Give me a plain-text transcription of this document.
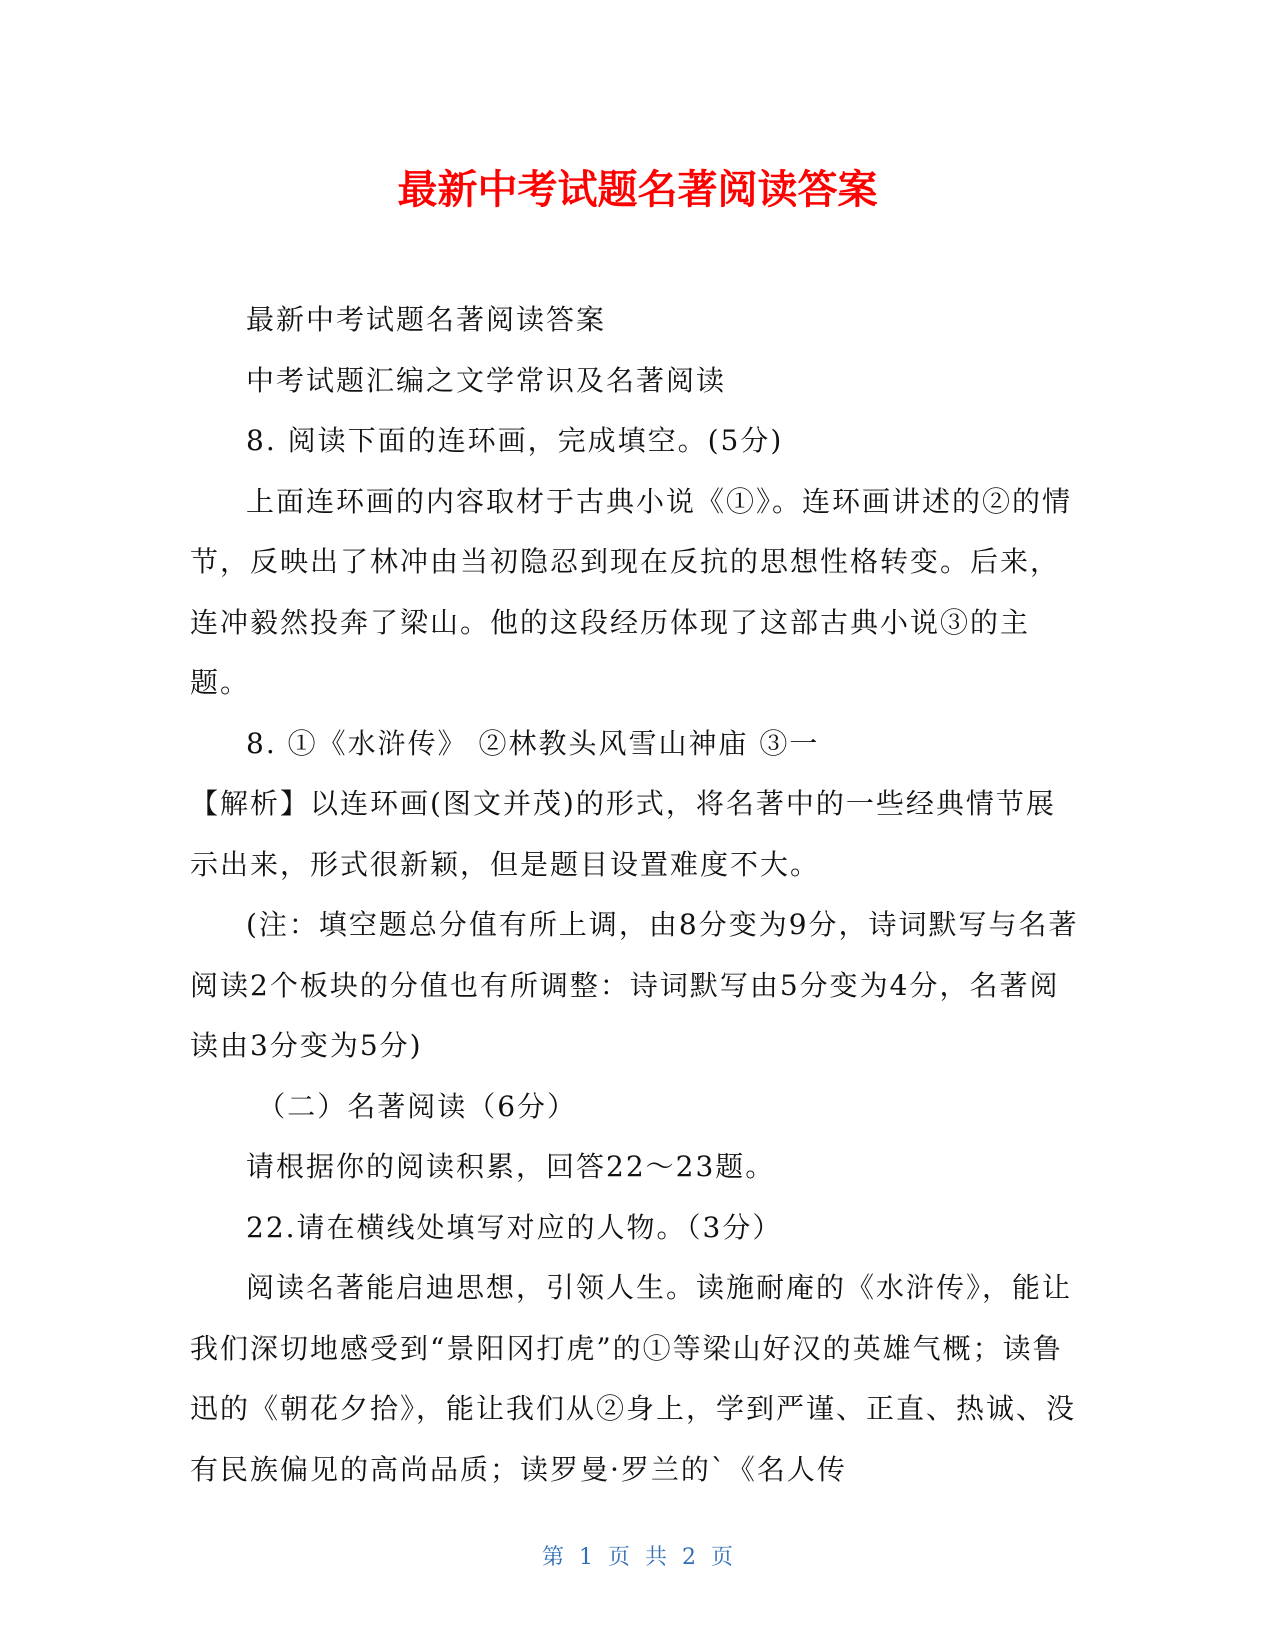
最新中考试题名著阅读答案

最新中考试题名著阅读答案

中考试题汇编之文学常识及名著阅读

8. 阅读下面的连环画，完成填空。(5分)

上面连环画的内容取材于古典小说《①》。连环画讲述的②的情节，反映出了林冲由当初隐忍到现在反抗的思想性格转变。后来，连冲毅然投奔了梁山。他的这段经历体现了这部古典小说③的主题。

8. ①《水浒传》 ②林教头风雪山神庙 ③一

【解析】以连环画(图文并茂)的形式，将名著中的一些经典情节展示出来，形式很新颖，但是题目设置难度不大。

(注：填空题总分值有所上调，由8分变为9分，诗词默写与名著阅读2个板块的分值也有所调整：诗词默写由5分变为4分，名著阅读由3分变为5分)

（二）名著阅读（6分）

请根据你的阅读积累，回答22～23题。

22.请在横线处填写对应的人物。（3分）

阅读名著能启迪思想，引领人生。读施耐庵的《水浒传》，能让我们深切地感受到“景阳冈打虎”的①等梁山好汉的英雄气概；读鲁迅的《朝花夕拾》，能让我们从②身上，学到严谨、正直、热诚、没有民族偏见的高尚品质；读罗曼·罗兰的`《名人传

第 1 页 共 2 页
